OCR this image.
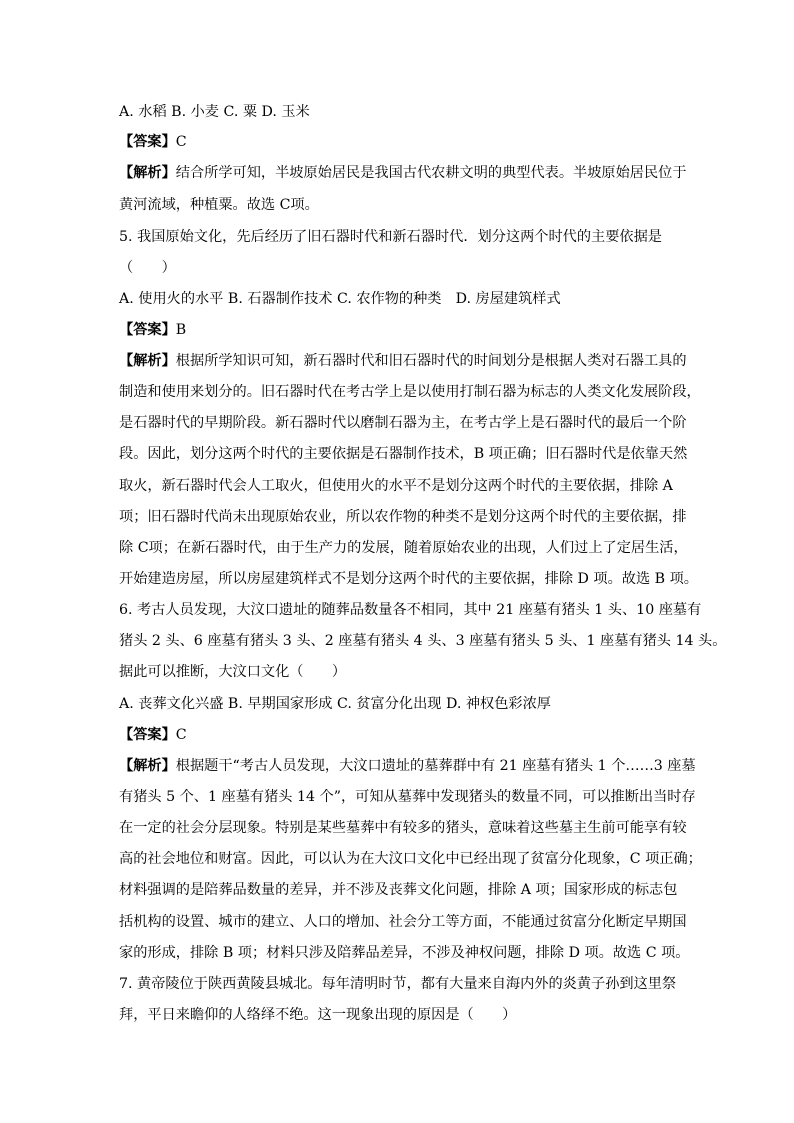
A. 水稻 B. 小麦 C. 粟 D. 玉米
【答案】C
【解析】结合所学可知，半坡原始居民是我国古代农耕文明的典型代表。半坡原始居民位于
黄河流域，种植粟。故选 C项。
5. 我国原始文化，先后经历了旧石器时代和新石器时代．划分这两个时代的主要依据是
（　　）
A. 使用火的水平 B. 石器制作技术 C. 农作物的种类　D. 房屋建筑样式
【答案】B
【解析】根据所学知识可知，新石器时代和旧石器时代的时间划分是根据人类对石器工具的
制造和使用来划分的。旧石器时代在考古学上是以使用打制石器为标志的人类文化发展阶段，
是石器时代的早期阶段。新石器时代以磨制石器为主，在考古学上是石器时代的最后一个阶
段。因此，划分这两个时代的主要依据是石器制作技术，B 项正确；旧石器时代是依靠天然
取火，新石器时代会人工取火，但使用火的水平不是划分这两个时代的主要依据，排除 A
项；旧石器时代尚未出现原始农业，所以农作物的种类不是划分这两个时代的主要依据，排
除 C项；在新石器时代，由于生产力的发展，随着原始农业的出现，人们过上了定居生活，
开始建造房屋，所以房屋建筑样式不是划分这两个时代的主要依据，排除 D 项。故选 B 项。
6. 考古人员发现，大汶口遗址的随葬品数量各不相同，其中 21 座墓有猪头 1 头、10 座墓有
猪头 2 头、6 座墓有猪头 3 头、2 座墓有猪头 4 头、3 座墓有猪头 5 头、1 座墓有猪头 14 头。
据此可以推断，大汶口文化（　　）
A. 丧葬文化兴盛 B. 早期国家形成 C. 贫富分化出现 D. 神权色彩浓厚
【答案】C
【解析】根据题干“考古人员发现，大汶口遗址的墓葬群中有 21 座墓有猪头 1 个……3 座墓
有猪头 5 个、1 座墓有猪头 14 个”，可知从墓葬中发现猪头的数量不同，可以推断出当时存
在一定的社会分层现象。特别是某些墓葬中有较多的猪头，意味着这些墓主生前可能享有较
高的社会地位和财富。因此，可以认为在大汶口文化中已经出现了贫富分化现象，C 项正确；
材料强调的是陪葬品数量的差异，并不涉及丧葬文化问题，排除 A 项；国家形成的标志包
括机构的设置、城市的建立、人口的增加、社会分工等方面，不能通过贫富分化断定早期国
家的形成，排除 B 项；材料只涉及陪葬品差异，不涉及神权问题，排除 D 项。故选 C 项。
7. 黄帝陵位于陕西黄陵县城北。每年清明时节，都有大量来自海内外的炎黄子孙到这里祭
拜，平日来瞻仰的人络绎不绝。这一现象出现的原因是（　　）
